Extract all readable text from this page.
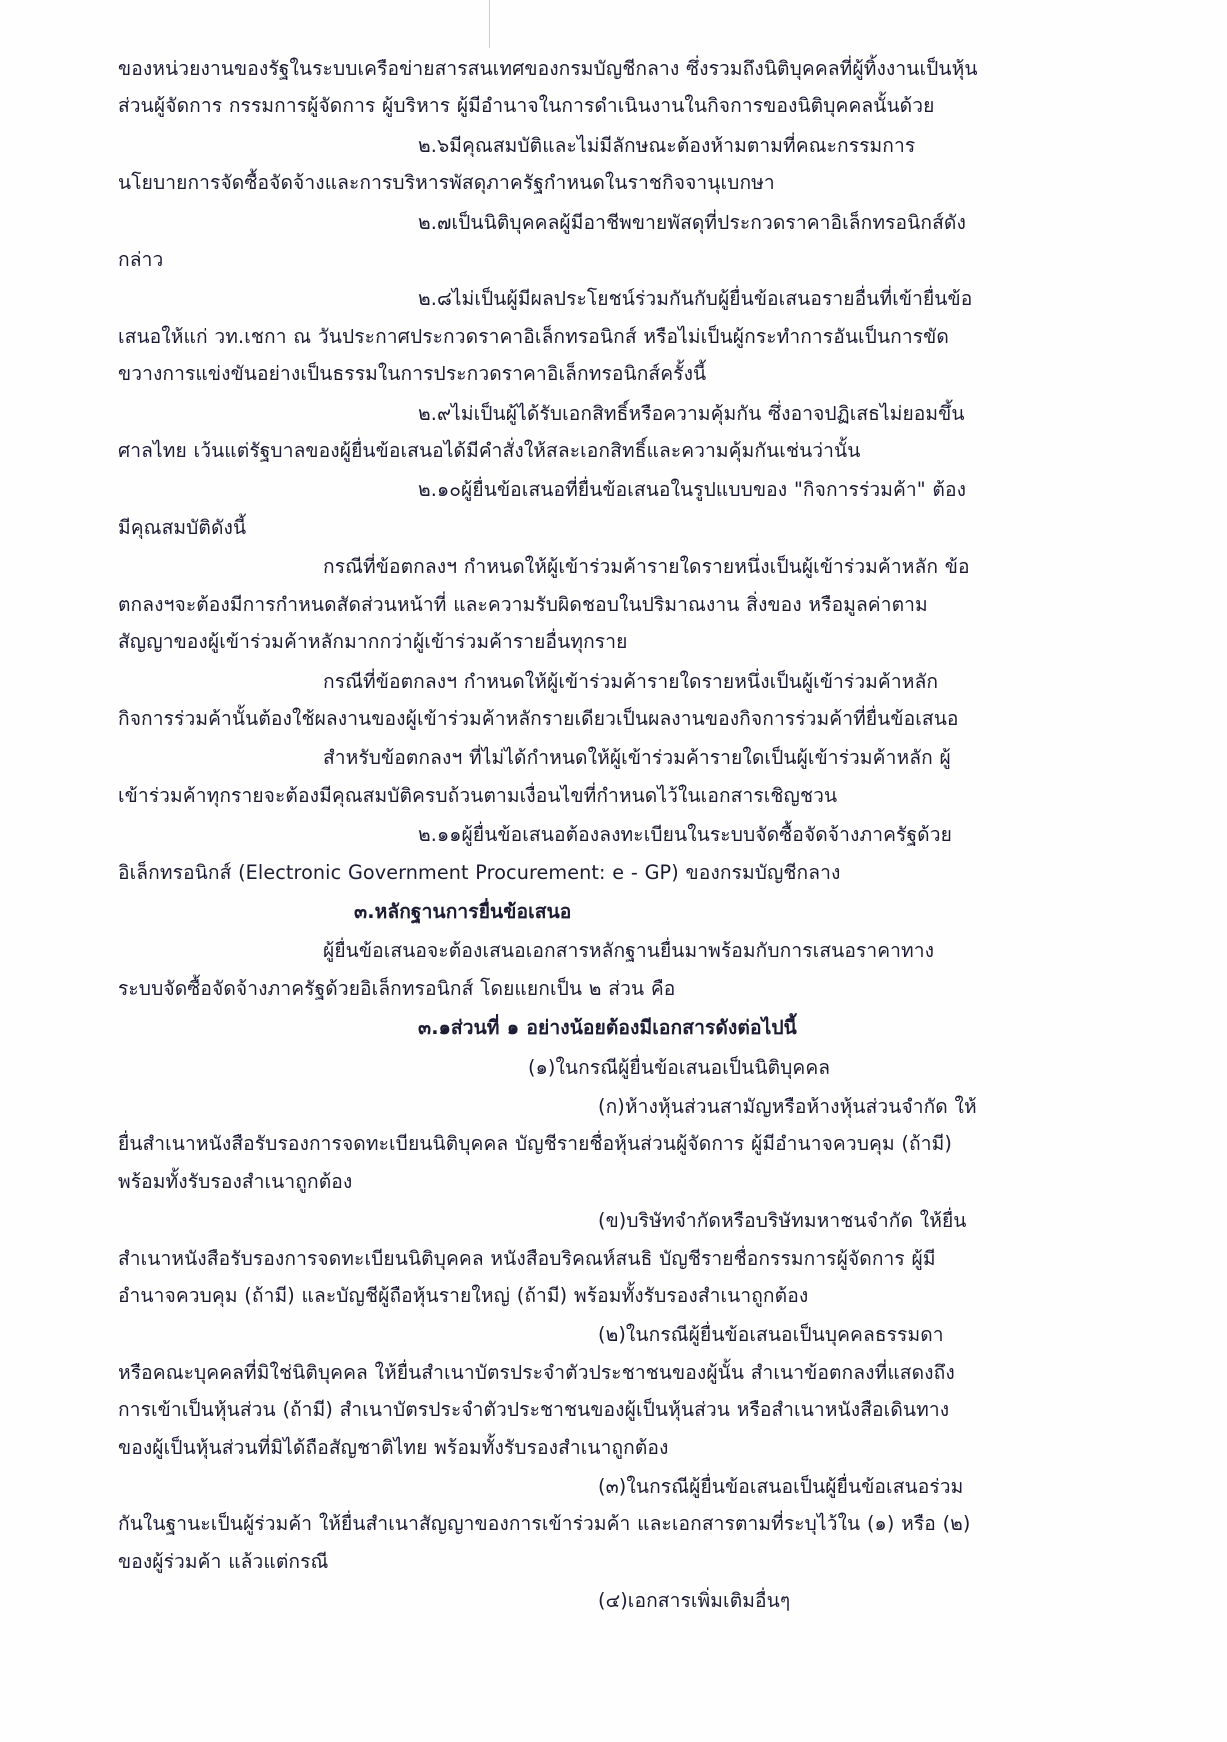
ของหน่วยงานของรัฐในระบบเครือข่ายสารสนเทศของกรมบัญชีกลาง ซึ่งรวมถึงนิติบุคคลที่ผู้ทิ้งงานเป็นหุ้นส่วนผู้จัดการ กรรมการผู้จัดการ ผู้บริหาร ผู้มีอำนาจในการดำเนินงานในกิจการของนิติบุคคลนั้นด้วย

๒.๖มีคุณสมบัติและไม่มีลักษณะต้องห้ามตามที่คณะกรรมการนโยบายการจัดซื้อจัดจ้างและการบริหารพัสดุภาครัฐกำหนดในราชกิจจานุเบกษา

๒.๗เป็นนิติบุคคลผู้มีอาชีพขายพัสดุที่ประกวดราคาอิเล็กทรอนิกส์ดังกล่าว

๒.๘ไม่เป็นผู้มีผลประโยชน์ร่วมกันกับผู้ยื่นข้อเสนอรายอื่นที่เข้ายื่นข้อเสนอให้แก่ วท.เชกา ณ วันประกาศประกวดราคาอิเล็กทรอนิกส์ หรือไม่เป็นผู้กระทำการอันเป็นการขัดขวางการแข่งขันอย่างเป็นธรรมในการประกวดราคาอิเล็กทรอนิกส์ครั้งนี้

๒.๙ไม่เป็นผู้ได้รับเอกสิทธิ์หรือความคุ้มกัน ซึ่งอาจปฏิเสธไม่ยอมขึ้นศาลไทย เว้นแต่รัฐบาลของผู้ยื่นข้อเสนอได้มีคำสั่งให้สละเอกสิทธิ์และความคุ้มกันเช่นว่านั้น

๒.๑๐ผู้ยื่นข้อเสนอที่ยื่นข้อเสนอในรูปแบบของ "กิจการร่วมค้า" ต้องมีคุณสมบัติดังนี้

กรณีที่ข้อตกลงฯ กำหนดให้ผู้เข้าร่วมค้ารายใดรายหนึ่งเป็นผู้เข้าร่วมค้าหลัก ข้อตกลงฯจะต้องมีการกำหนดสัดส่วนหน้าที่ และความรับผิดชอบในปริมาณงาน สิ่งของ หรือมูลค่าตามสัญญาของผู้เข้าร่วมค้าหลักมากกว่าผู้เข้าร่วมค้ารายอื่นทุกราย

กรณีที่ข้อตกลงฯ กำหนดให้ผู้เข้าร่วมค้ารายใดรายหนึ่งเป็นผู้เข้าร่วมค้าหลักกิจการร่วมค้านั้นต้องใช้ผลงานของผู้เข้าร่วมค้าหลักรายเดียวเป็นผลงานของกิจการร่วมค้าที่ยื่นข้อเสนอ

สำหรับข้อตกลงฯ ที่ไม่ได้กำหนดให้ผู้เข้าร่วมค้ารายใดเป็นผู้เข้าร่วมค้าหลัก ผู้เข้าร่วมค้าทุกรายจะต้องมีคุณสมบัติครบถ้วนตามเงื่อนไขที่กำหนดไว้ในเอกสารเชิญชวน

๒.๑๑ผู้ยื่นข้อเสนอต้องลงทะเบียนในระบบจัดซื้อจัดจ้างภาครัฐด้วยอิเล็กทรอนิกส์ (Electronic Government Procurement: e - GP) ของกรมบัญชีกลาง

๓.หลักฐานการยื่นข้อเสนอ

ผู้ยื่นข้อเสนอจะต้องเสนอเอกสารหลักฐานยื่นมาพร้อมกับการเสนอราคาทางระบบจัดซื้อจัดจ้างภาครัฐด้วยอิเล็กทรอนิกส์ โดยแยกเป็น ๒ ส่วน คือ

๓.๑ส่วนที่ ๑ อย่างน้อยต้องมีเอกสารดังต่อไปนี้

(๑)ในกรณีผู้ยื่นข้อเสนอเป็นนิติบุคคล

(ก)ห้างหุ้นส่วนสามัญหรือห้างหุ้นส่วนจำกัด ให้ยื่นสำเนาหนังสือรับรองการจดทะเบียนนิติบุคคล บัญชีรายชื่อหุ้นส่วนผู้จัดการ ผู้มีอำนาจควบคุม (ถ้ามี) พร้อมทั้งรับรองสำเนาถูกต้อง

(ข)บริษัทจำกัดหรือบริษัทมหาชนจำกัด ให้ยื่นสำเนาหนังสือรับรองการจดทะเบียนนิติบุคคล หนังสือบริคณห์สนธิ บัญชีรายชื่อกรรมการผู้จัดการ ผู้มีอำนาจควบคุม (ถ้ามี) และบัญชีผู้ถือหุ้นรายใหญ่ (ถ้ามี) พร้อมทั้งรับรองสำเนาถูกต้อง

(๒)ในกรณีผู้ยื่นข้อเสนอเป็นบุคคลธรรมดาหรือคณะบุคคลที่มิใช่นิติบุคคล ให้ยื่นสำเนาบัตรประจำตัวประชาชนของผู้นั้น สำเนาข้อตกลงที่แสดงถึงการเข้าเป็นหุ้นส่วน (ถ้ามี) สำเนาบัตรประจำตัวประชาชนของผู้เป็นหุ้นส่วน หรือสำเนาหนังสือเดินทางของผู้เป็นหุ้นส่วนที่มิได้ถือสัญชาติไทย พร้อมทั้งรับรองสำเนาถูกต้อง

(๓)ในกรณีผู้ยื่นข้อเสนอเป็นผู้ยื่นข้อเสนอร่วมกันในฐานะเป็นผู้ร่วมค้า ให้ยื่นสำเนาสัญญาของการเข้าร่วมค้า และเอกสารตามที่ระบุไว้ใน (๑) หรือ (๒) ของผู้ร่วมค้า แล้วแต่กรณี

(๔)เอกสารเพิ่มเติมอื่นๆ
